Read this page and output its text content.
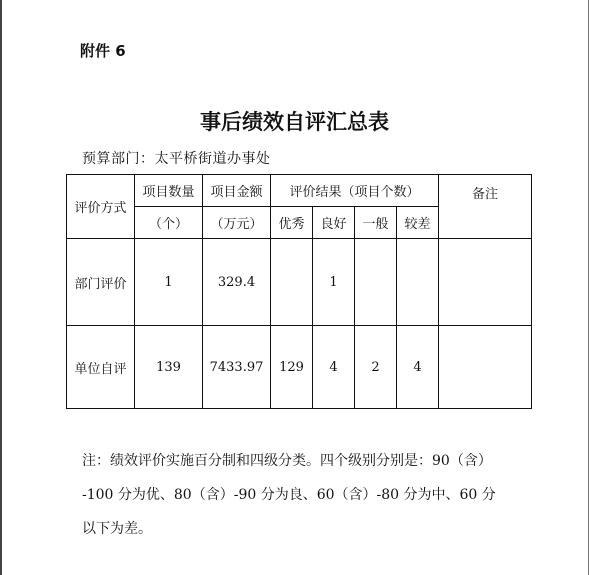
附件 6
事后绩效自评汇总表
预算部门：太平桥街道办事处
评价方式	项目数量	项目金额	评价结果（项目个数）				备注
	（个）	（万元）	优秀	良好	一般	较差	
部门评价	1	329.4		1			
单位自评	139	7433.97	129	4	2	4	
注：绩效评价实施百分制和四级分类。四个级别分别是：90（含）
-100 分为优、80（含）-90 分为良、60（含）-80 分为中、60 分
以下为差。
